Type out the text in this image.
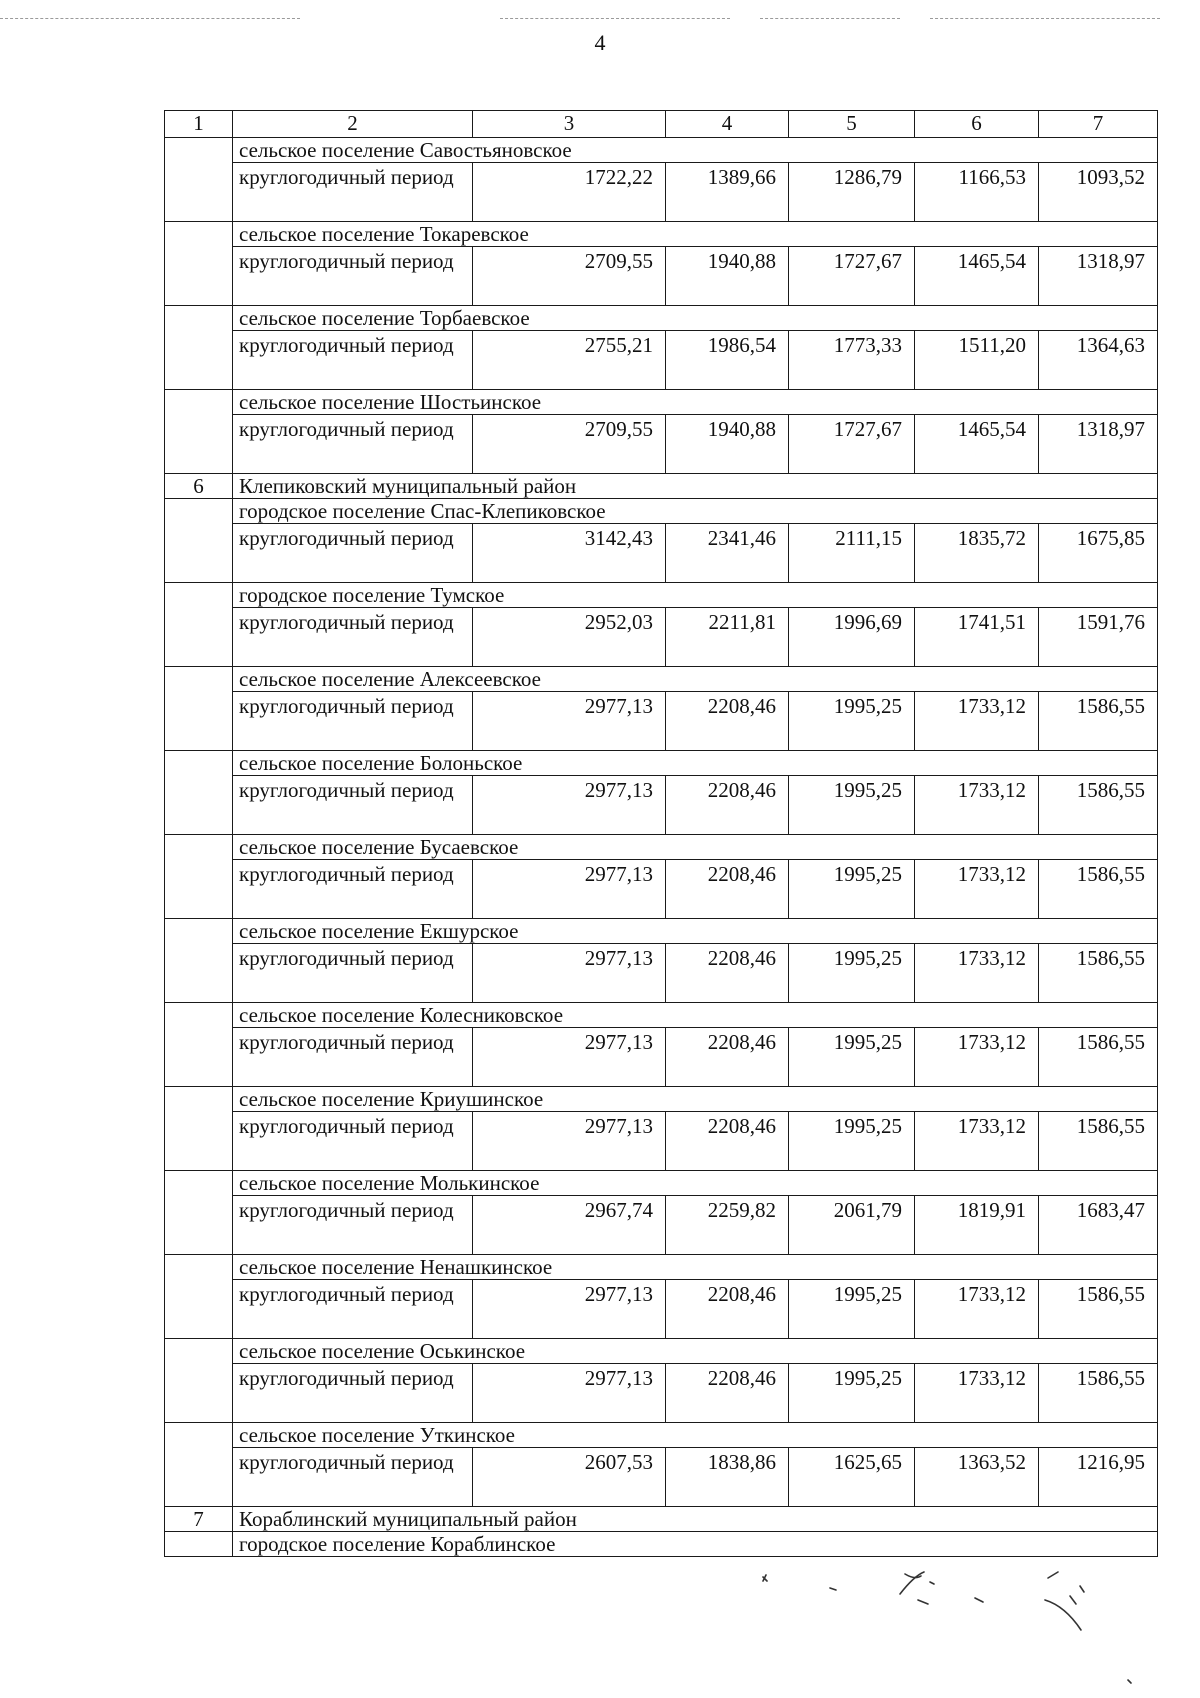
4
1	2	3	4	5	6	7
	сельское поселение Савостьяновское					
	круглогодичный период	1722,22	1389,66	1286,79	1166,53	1093,52
	сельское поселение Токаревское					
	круглогодичный период	2709,55	1940,88	1727,67	1465,54	1318,97
	сельское поселение Торбаевское					
	круглогодичный период	2755,21	1986,54	1773,33	1511,20	1364,63
	сельское поселение Шостьинское					
	круглогодичный период	2709,55	1940,88	1727,67	1465,54	1318,97
6	Клепиковский муниципальный район					
	городское поселение Спас-Клепиковское					
	круглогодичный период	3142,43	2341,46	2111,15	1835,72	1675,85
	городское поселение Тумское					
	круглогодичный период	2952,03	2211,81	1996,69	1741,51	1591,76
	сельское поселение Алексеевское					
	круглогодичный период	2977,13	2208,46	1995,25	1733,12	1586,55
	сельское поселение Болоньское					
	круглогодичный период	2977,13	2208,46	1995,25	1733,12	1586,55
	сельское поселение Бусаевское					
	круглогодичный период	2977,13	2208,46	1995,25	1733,12	1586,55
	сельское поселение Екшурское					
	круглогодичный период	2977,13	2208,46	1995,25	1733,12	1586,55
	сельское поселение Колесниковское					
	круглогодичный период	2977,13	2208,46	1995,25	1733,12	1586,55
	сельское поселение Криушинское					
	круглогодичный период	2977,13	2208,46	1995,25	1733,12	1586,55
	сельское поселение Молькинское					
	круглогодичный период	2967,74	2259,82	2061,79	1819,91	1683,47
	сельское поселение Ненашкинское					
	круглогодичный период	2977,13	2208,46	1995,25	1733,12	1586,55
	сельское поселение Оськинское					
	круглогодичный период	2977,13	2208,46	1995,25	1733,12	1586,55
	сельское поселение Уткинское					
	круглогодичный период	2607,53	1838,86	1625,65	1363,52	1216,95
7	Кораблинский муниципальный район					
	городское поселение Кораблинское					
